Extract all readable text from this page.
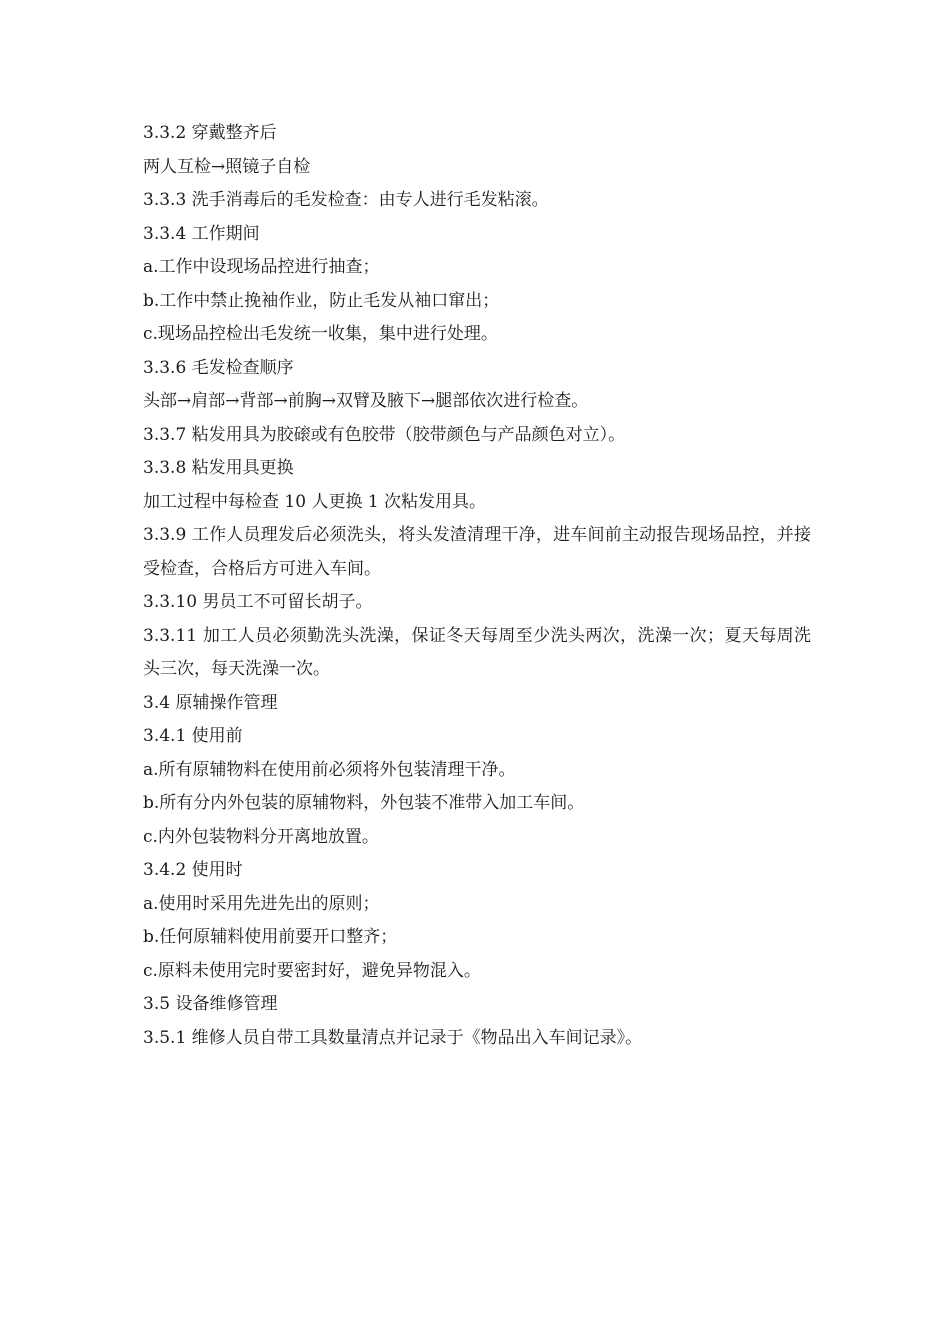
3.3.2 穿戴整齐后

两人互检→照镜子自检

3.3.3 洗手消毒后的毛发检查：由专人进行毛发粘滚。

3.3.4 工作期间

a.工作中设现场品控进行抽查；

b.工作中禁止挽袖作业，防止毛发从袖口窜出；

c.现场品控检出毛发统一收集，集中进行处理。

3.3.6 毛发检查顺序

头部→肩部→背部→前胸→双臂及腋下→腿部依次进行检查。

3.3.7 粘发用具为胶磙或有色胶带（胶带颜色与产品颜色对立）。

3.3.8 粘发用具更换

加工过程中每检查 10 人更换 1 次粘发用具。

3.3.9 工作人员理发后必须洗头，将头发渣清理干净，进车间前主动报告现场品控，并接受检查，合格后方可进入车间。

3.3.10 男员工不可留长胡子。

3.3.11 加工人员必须勤洗头洗澡，保证冬天每周至少洗头两次，洗澡一次；夏天每周洗头三次，每天洗澡一次。

3.4 原辅操作管理

3.4.1 使用前

a.所有原辅物料在使用前必须将外包装清理干净。

b.所有分内外包装的原辅物料，外包装不准带入加工车间。

c.内外包装物料分开离地放置。

3.4.2 使用时

a.使用时采用先进先出的原则；

b.任何原辅料使用前要开口整齐；

c.原料未使用完时要密封好，避免异物混入。

3.5 设备维修管理

3.5.1 维修人员自带工具数量清点并记录于《物品出入车间记录》。
